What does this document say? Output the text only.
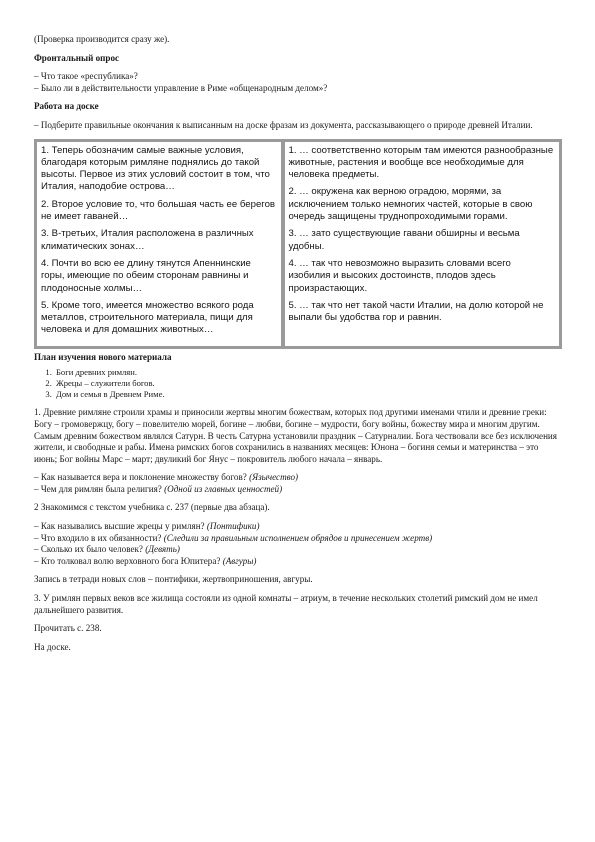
(Проверка производится сразу же).

Фронтальный опрос

– Что такое «республика»?

– Было ли в действительности управление в Риме «общенародным делом»?

Работа на доске

– Подберите правильные окончания к выписанным на доске фразам из документа, рассказывающего о природе древней Италии.

1. Теперь обозначим самые важные условия, благодаря которым римляне поднялись до такой высоты. Первое из этих условий состоит в том, что Италия, наподобие острова…

2. Второе условие то, что большая часть ее берегов не имеет гаваней…

3. В-третьих, Италия расположена в различных климатических зонах…

4. Почти во всю ее длину тянутся Апеннинские горы, имеющие по обеим сторонам равнины и плодоносные холмы…

5. Кроме того, имеется множество всякого рода металлов, строительного материала, пищи для человека и для домашних животных…

1. … соответственно которым там имеются разнообразные животные, растения и вообще все необходимые для человека предметы.

2. … окружена как верною оградою, морями, за исключением только немногих частей, которые в свою очередь защищены труднопроходимыми горами.

3. … зато существующие гавани обширны и весьма удобны.

4. … так что невозможно выразить словами всего изобилия и высоких достоинств, плодов здесь произрастающих.

5. … так что нет такой части Италии, на долю которой не выпали бы удобства гор и равнин.

План изучения нового материала

1. Боги древних римлян.
2. Жрецы – служители богов.
3. Дом и семья в Древнем Риме.

1. Древние римляне строили храмы и приносили жертвы многим божествам, которых под другими именами чтили и древние греки: Богу – громовержцу, богу – повелителю морей, богине – любви, богине – мудрости, богу войны, божеству мира и многим другим. Самым древним божеством являлся Сатурн. В честь Сатурна установили праздник – Сатурналии. Бога чествовали все без исключения жители, и свободные и рабы. Имена римских богов сохранились в названиях месяцев: Юнона – богиня семьи и материнства – это июнь; Бог войны Марс – март; двуликий бог Янус – покровитель любого начала – январь.

– Как называется вера и поклонение множеству богов? (Язычество)

– Чем для римлян была религия? (Одной из главных ценностей)

2 Знакомимся с текстом учебника с. 237 (первые два абзаца).

– Как назывались высшие жрецы у римлян? (Понтифики)

– Что входило в их обязанности? (Следили за правильным исполнением обрядов и принесением жертв)

– Сколько их было человек? (Девять)

– Кто толковал волю верховного бога Юпитера? (Авгуры)

Запись в тетради новых слов – понтифики, жертвоприношения, авгуры.

3. У римлян первых веков все жилища состояли из одной комнаты – атриум, в течение нескольких столетий римский дом не имел дальнейшего развития.

Прочитать с. 238.

На доске.
